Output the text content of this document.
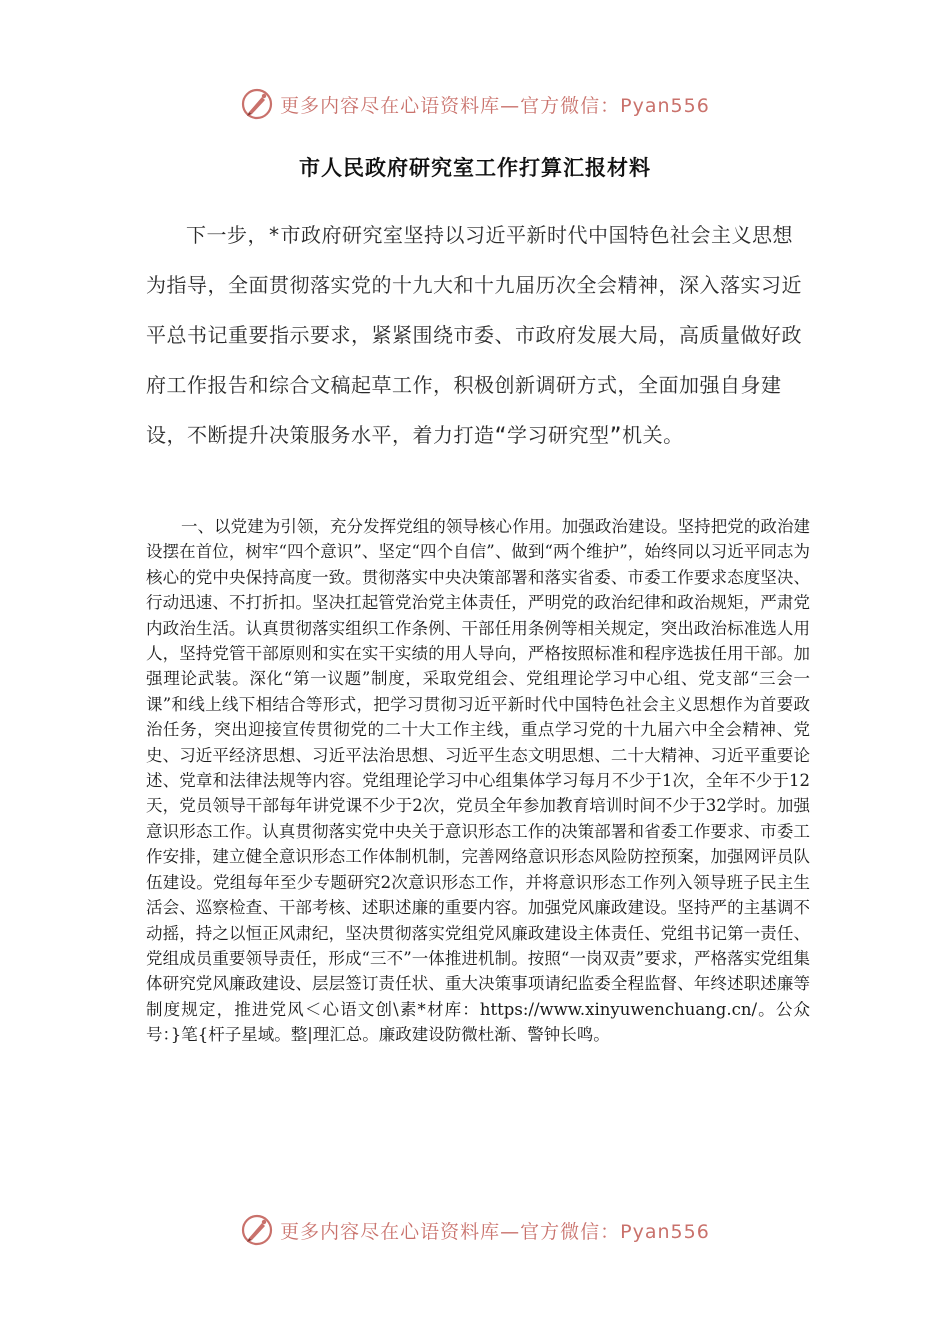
更多内容尽在心语资料库—官方微信：Pyan556
市人民政府研究室工作打算汇报材料

下一步，*市政府研究室坚持以习近平新时代中国特色社会主义思想为指导，全面贯彻落实党的十九大和十九届历次全会精神，深入落实习近平总书记重要指示要求，紧紧围绕市委、市政府发展大局，高质量做好政府工作报告和综合文稿起草工作，积极创新调研方式，全面加强自身建设，不断提升决策服务水平，着力打造“学习研究型”机关。

一、以党建为引领，充分发挥党组的领导核心作用。加强政治建设。坚持把党的政治建设摆在首位，树牢“四个意识”、坚定“四个自信”、做到“两个维护”，始终同以习近平同志为核心的党中央保持高度一致。贯彻落实中央决策部署和落实省委、市委工作要求态度坚决、行动迅速、不打折扣。坚决扛起管党治党主体责任，严明党的政治纪律和政治规矩，严肃党内政治生活。认真贯彻落实组织工作条例、干部任用条例等相关规定，突出政治标准选人用人，坚持党管干部原则和实在实干实绩的用人导向，严格按照标准和程序选拔任用干部。加强理论武装。深化“第一议题”制度，采取党组会、党组理论学习中心组、党支部“三会一课”和线上线下相结合等形式，把学习贯彻习近平新时代中国特色社会主义思想作为首要政治任务，突出迎接宣传贯彻党的二十大工作主线，重点学习党的十九届六中全会精神、党史、习近平经济思想、习近平法治思想、习近平生态文明思想、二十大精神、习近平重要论述、党章和法律法规等内容。党组理论学习中心组集体学习每月不少于1次，全年不少于12天，党员领导干部每年讲党课不少于2次，党员全年参加教育培训时间不少于32学时。加强意识形态工作。认真贯彻落实党中央关于意识形态工作的决策部署和省委工作要求、市委工作安排，建立健全意识形态工作体制机制，完善网络意识形态风险防控预案，加强网评员队伍建设。党组每年至少专题研究2次意识形态工作，并将意识形态工作列入领导班子民主生活会、巡察检查、干部考核、述职述廉的重要内容。加强党风廉政建设。坚持严的主基调不动摇，持之以恒正风肃纪，坚决贯彻落实党组党风廉政建设主体责任、党组书记第一责任、党组成员重要领导责任，形成“三不”一体推进机制。按照“一岗双责”要求，严格落实党组集体研究党风廉政建设、层层签订责任状、重大决策事项请纪监委全程监督、年终述职述廉等制度规定，推进党风＜心语文创\素*材库：https://www.xinyuwenchuang.cn/。公众号：}笔{杆子星域。整|理汇总。廉政建设防微杜渐、警钟长鸣。

更多内容尽在心语资料库—官方微信：Pyan556
